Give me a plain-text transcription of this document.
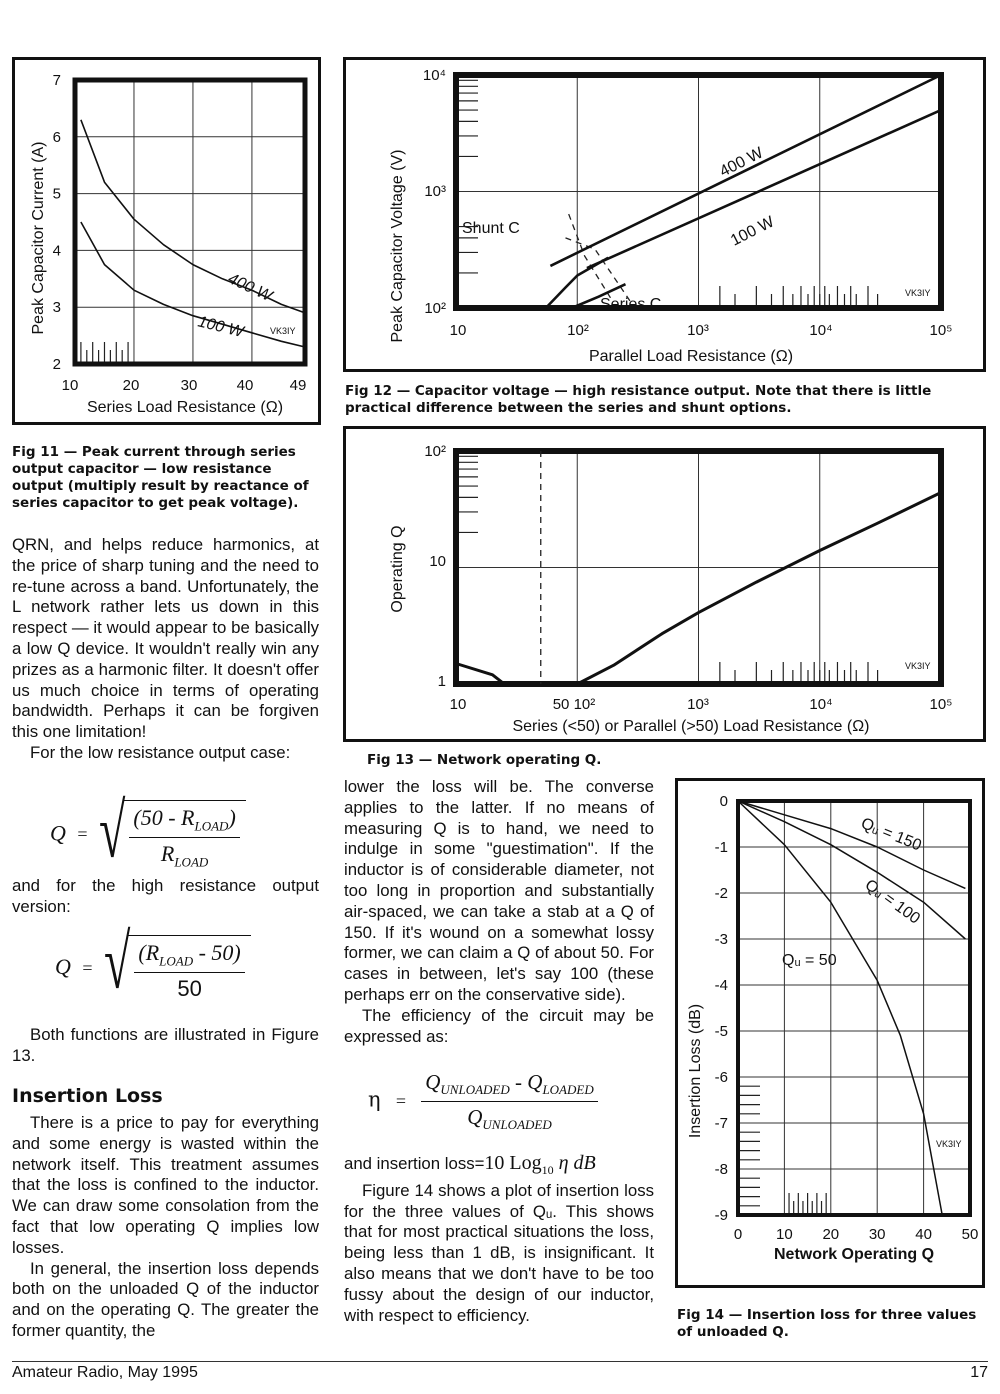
Peak Capacitor Current (A)
Series Load Resistance (Ω)
VK3IY
400 W
100 W
7
6
5
4
3
2
10	20	30	40 49
Fig 11 — Peak current through series output capacitor — low resistance output (multiply result by reactance of series capacitor to get peak voltage).
Peak Capacitor Voltage (V)
Parallel Load Resistance (Ω)
VK3IY
400 W
100 W
Shunt C
Series C
10⁴
10³
10²
10	10²	10³	10⁴	10⁵
Fig 12 — Capacitor voltage — high resistance output. Note that there is little practical difference between the series and shunt options.
Operating Q
Series (<50) or Parallel (>50) Load Resistance (Ω)
VK3IY
10²
10
1
10	50 10²	10³	10⁴	10⁵
Fig 13 — Network operating Q.
Insertion Loss (dB)
Network Operating Q
VK3IY
Qᵤ = 150
Qᵤ = 100
Qᵤ = 50
0
-1
-2
-3
-4
-5
-6
-7
-8
-9
0 10 20 30 40 50
Fig 14 — Insertion loss for three values of unloaded Q.

QRN, and helps reduce harmonics, at the price of sharp tuning and the need to re-tune across a band. Unfortunately, the L network rather lets us down in this respect — it would appear to be basically a low Q device. It wouldn't really win any prizes as a harmonic filter. It doesn't offer us much choice in terms of operating bandwidth. Perhaps it can be forgiven this one limitation!

For the low resistance output case:

Q = √ $\frac{(50 - R_{LOAD})}{R_{LOAD}}$

and for the high resistance output version:

Q = √ $\frac{(R_{LOAD} - 50)}{50}$

Both functions are illustrated in Figure 13.

Insertion Loss

There is a price to pay for everything and some energy is wasted within the network itself. This treatment assumes that the loss is confined to the inductor. We can draw some consolation from the fact that low operating Q implies low losses.

In general, the insertion loss depends both on the unloaded Q of the inductor and on the operating Q. The greater the former quantity, the

lower the loss will be. The converse applies to the latter. If no means of measuring Q is to hand, we need to indulge in some "guestimation". If the inductor is of considerable diameter, not too long in proportion and substantially air-spaced, we can take a stab at a Q of 150. If it's wound on a somewhat lossy former, we can claim a Q of about 50. For cases in between, let's say 100 (these perhaps err on the conservative side).

The efficiency of the circuit may be expressed as:

$\eta = \frac{Q_{UNLOADED} - Q_{LOADED}}{Q_{UNLOADED}}$

and insertion loss=10 Log$_{10}$ η dB

Figure 14 shows a plot of insertion loss for the three values of Qᵤ. This shows that for most practical situations the loss, being less than 1 dB, is insignificant. It also means that we don't have to be too fussy about the design of our inductor, with respect to efficiency.

Amateur Radio, May 1995	17
